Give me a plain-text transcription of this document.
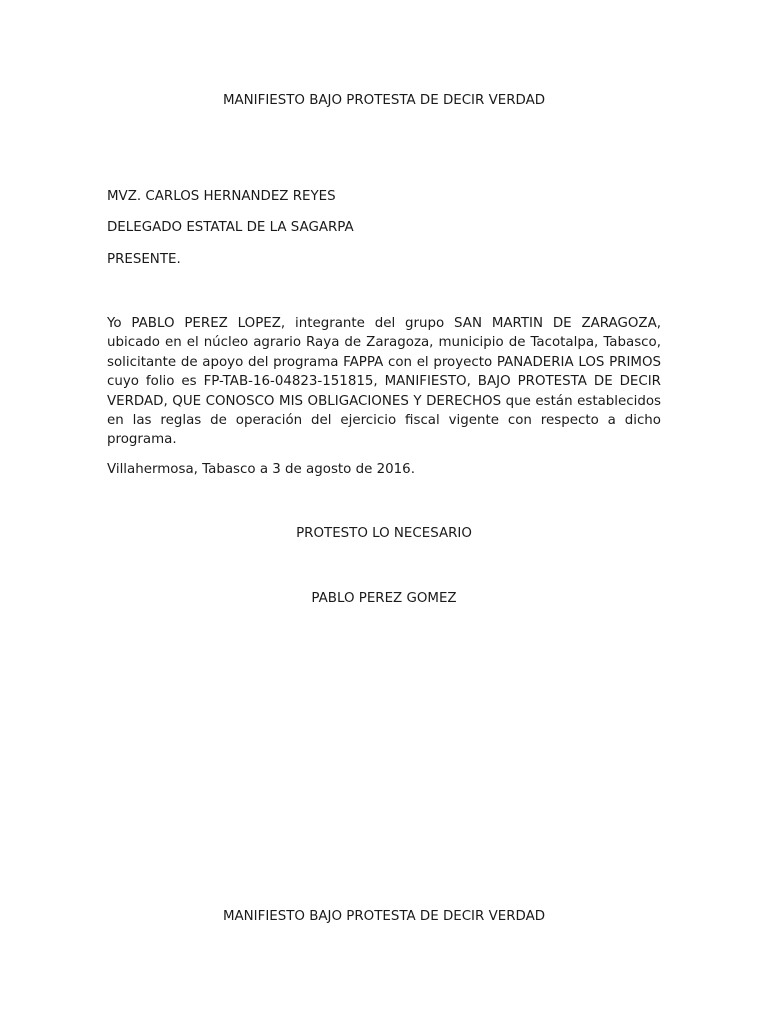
MANIFIESTO BAJO PROTESTA DE DECIR VERDAD
MVZ. CARLOS HERNANDEZ REYES
DELEGADO ESTATAL DE LA SAGARPA
PRESENTE.
Yo PABLO PEREZ LOPEZ, integrante del grupo SAN MARTIN DE ZARAGOZA, ubicado en el núcleo agrario Raya de Zaragoza, municipio de Tacotalpa, Tabasco, solicitante de apoyo del programa FAPPA con el proyecto PANADERIA LOS PRIMOS cuyo folio es FP-TAB-16-04823-151815, MANIFIESTO, BAJO PROTESTA DE DECIR VERDAD, QUE CONOSCO MIS OBLIGACIONES Y DERECHOS que están establecidos en las reglas de operación del ejercicio fiscal vigente con respecto a dicho programa.
Villahermosa, Tabasco a 3 de agosto de 2016.
PROTESTO LO NECESARIO
PABLO PEREZ GOMEZ
MANIFIESTO BAJO PROTESTA DE DECIR VERDAD
